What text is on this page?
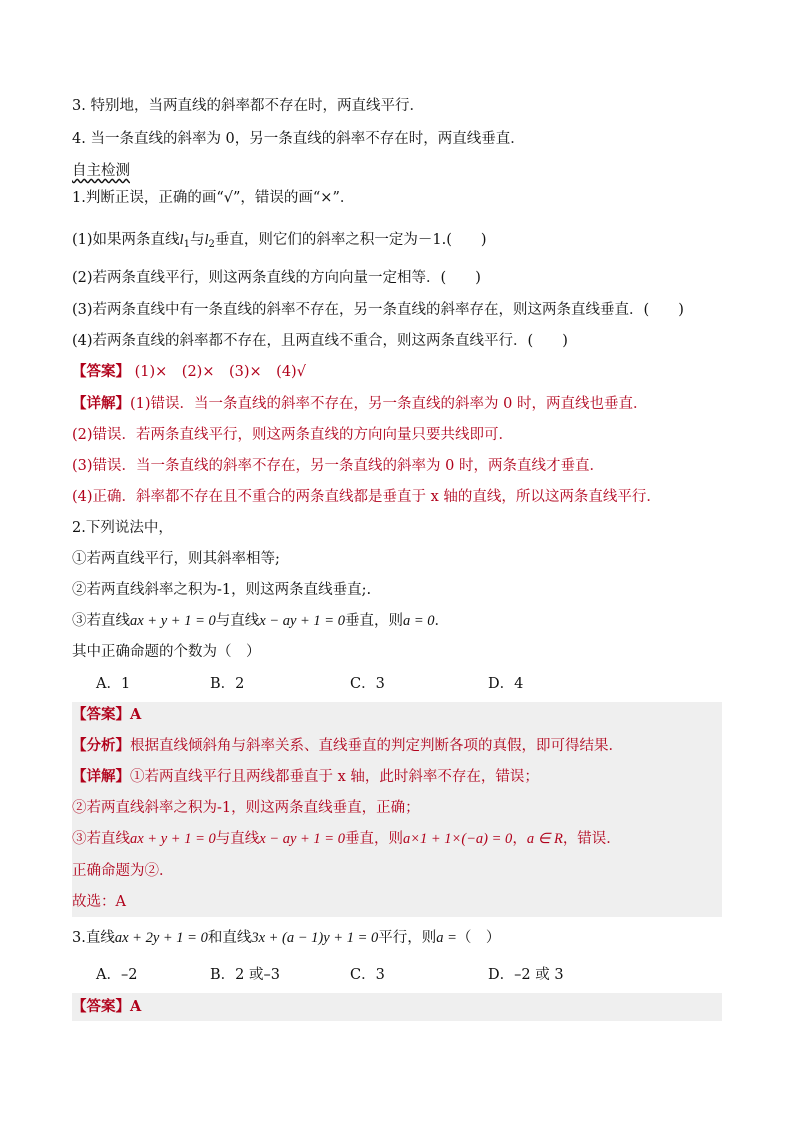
3. 特别地，当两直线的斜率都不存在时，两直线平行．
4. 当一条直线的斜率为 0，另一条直线的斜率不存在时，两直线垂直．
自主检测
1.判断正误，正确的画“√”，错误的画“×”．
(1)如果两条直线$l_1$与$l_2$垂直，则它们的斜率之积一定为－1.(　　)
(2)若两条直线平行，则这两条直线的方向向量一定相等．(　　)
(3)若两条直线中有一条直线的斜率不存在，另一条直线的斜率存在，则这两条直线垂直．(　　)
(4)若两条直线的斜率都不存在，且两直线不重合，则这两条直线平行．(　　)
【答案】 (1)×　(2)×　(3)×　(4)√
【详解】(1)错误．当一条直线的斜率不存在，另一条直线的斜率为 0 时，两直线也垂直．
(2)错误．若两条直线平行，则这两条直线的方向向量只要共线即可．
(3)错误．当一条直线的斜率不存在，另一条直线的斜率为 0 时，两条直线才垂直．
(4)正确．斜率都不存在且不重合的两条直线都是垂直于 x 轴的直线，所以这两条直线平行．
2.下列说法中，
①若两直线平行，则其斜率相等;
②若两直线斜率之积为-1，则这两条直线垂直;.
③若直线ax + y + 1 = 0与直线x − ay + 1 = 0垂直，则a = 0．
其中正确命题的个数为（　）
A．1	B．2	C．3	D．4
【答案】A
【分析】根据直线倾斜角与斜率关系、直线垂直的判定判断各项的真假，即可得结果．
【详解】①若两直线平行且两线都垂直于 x 轴，此时斜率不存在，错误；
②若两直线斜率之积为-1，则这两条直线垂直，正确；
③若直线ax + y + 1 = 0与直线x − ay + 1 = 0垂直，则a×1 + 1×(−a) = 0，a ∈ R，错误．
正确命题为②．
故选：A
3.直线ax + 2y + 1 = 0和直线3x + (a − 1)y + 1 = 0平行，则a =（　）
A．–2	B．2 或–3	C．3	D．–2 或 3
【答案】A
